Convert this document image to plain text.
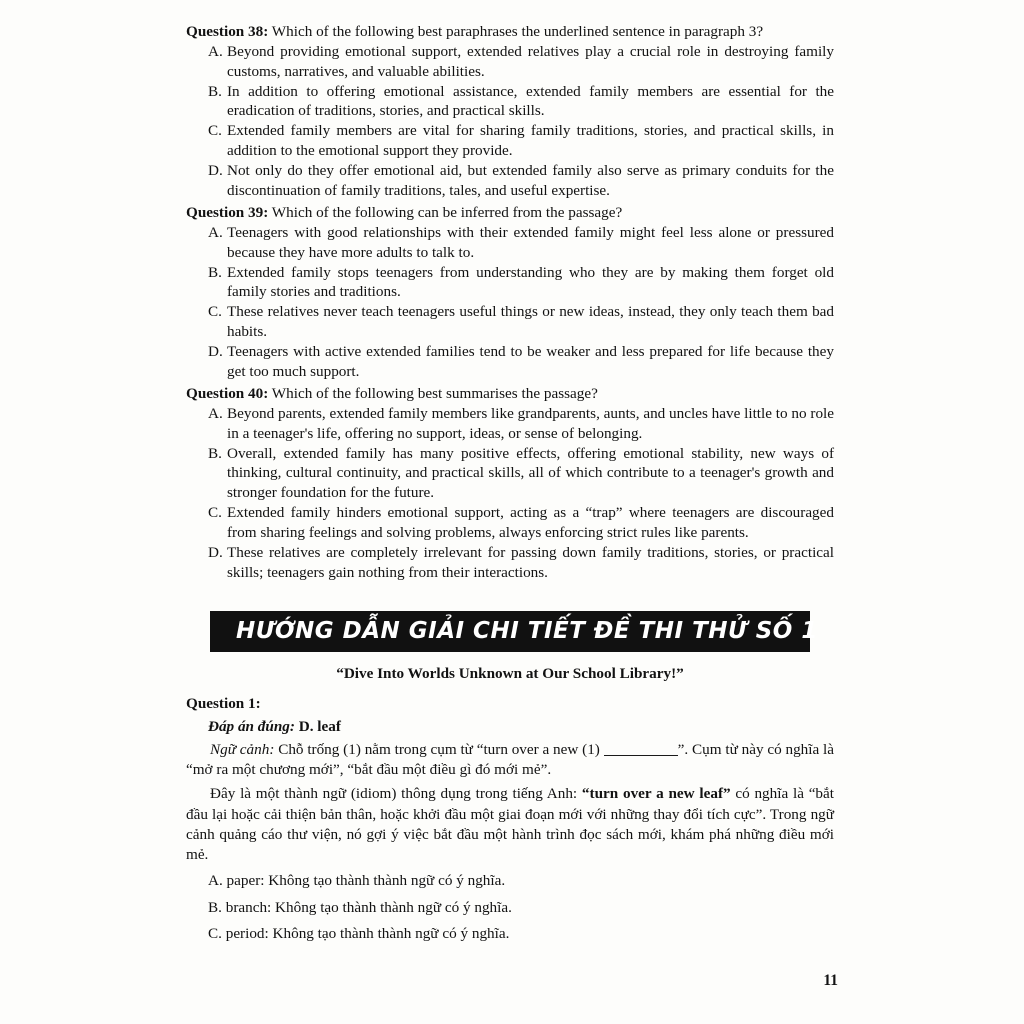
Question 38: Which of the following best paraphrases the underlined sentence in paragraph 3?
A. Beyond providing emotional support, extended relatives play a crucial role in destroying family customs, narratives, and valuable abilities.
B. In addition to offering emotional assistance, extended family members are essential for the eradication of traditions, stories, and practical skills.
C. Extended family members are vital for sharing family traditions, stories, and practical skills, in addition to the emotional support they provide.
D. Not only do they offer emotional aid, but extended family also serve as primary conduits for the discontinuation of family traditions, tales, and useful expertise.
Question 39: Which of the following can be inferred from the passage?
A. Teenagers with good relationships with their extended family might feel less alone or pressured because they have more adults to talk to.
B. Extended family stops teenagers from understanding who they are by making them forget old family stories and traditions.
C. These relatives never teach teenagers useful things or new ideas, instead, they only teach them bad habits.
D. Teenagers with active extended families tend to be weaker and less prepared for life because they get too much support.
Question 40: Which of the following best summarises the passage?
A. Beyond parents, extended family members like grandparents, aunts, and uncles have little to no role in a teenager's life, offering no support, ideas, or sense of belonging.
B. Overall, extended family has many positive effects, offering emotional stability, new ways of thinking, cultural continuity, and practical skills, all of which contribute to a teenager's growth and stronger foundation for the future.
C. Extended family hinders emotional support, acting as a “trap” where teenagers are discouraged from sharing feelings and solving problems, always enforcing strict rules like parents.
D. These relatives are completely irrelevant for passing down family traditions, stories, or practical skills; teenagers gain nothing from their interactions.
HƯỚNG DẪN GIẢI CHI TIẾT ĐỀ THI THỬ SỐ 1
“Dive Into Worlds Unknown at Our School Library!”
Question 1:
Đáp án đúng: D. leaf
Ngữ cảnh: Chỗ trống (1) nằm trong cụm từ “turn over a new (1)	”. Cụm từ này có nghĩa là “mở ra một chương mới”, “bắt đầu một điều gì đó mới mẻ”.
Đây là một thành ngữ (idiom) thông dụng trong tiếng Anh: “turn over a new leaf” có nghĩa là “bắt đầu lại hoặc cải thiện bản thân, hoặc khởi đầu một giai đoạn mới với những thay đổi tích cực”. Trong ngữ cảnh quảng cáo thư viện, nó gợi ý việc bắt đầu một hành trình đọc sách mới, khám phá những điều mới mẻ.
A. paper: Không tạo thành thành ngữ có ý nghĩa.
B. branch: Không tạo thành thành ngữ có ý nghĩa.
C. period: Không tạo thành thành ngữ có ý nghĩa.
11
